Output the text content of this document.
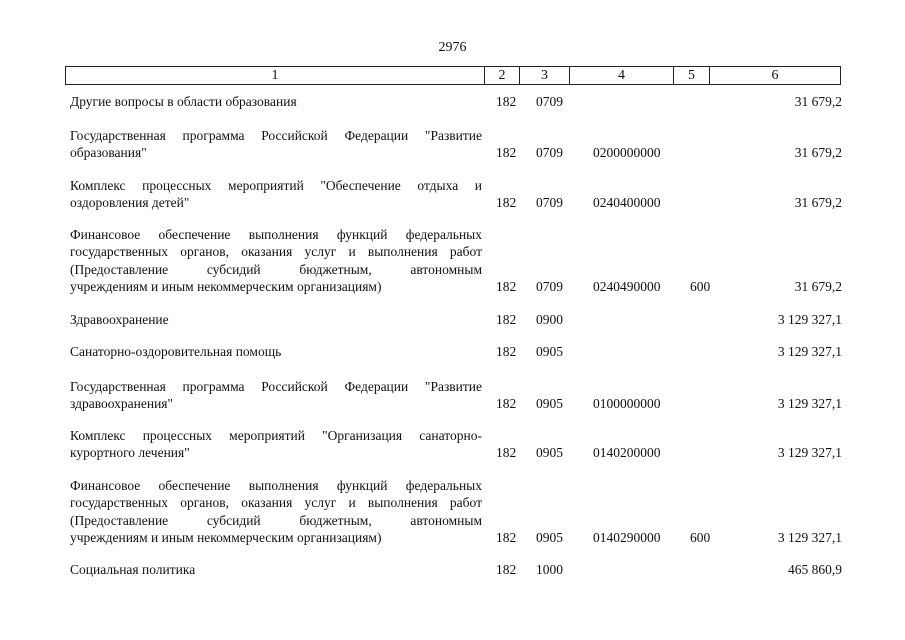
2976
1	2	3	4	5	6
Другие вопросы в области образования	182 0709	31 679,2
Государственная программа Российской Федерации "Развитие
образования"	182 0709 0200000000	31 679,2
Комплекс процессных мероприятий "Обеспечение отдыха и
оздоровления детей"	182 0709 0240400000	31 679,2
Финансовое обеспечение выполнения функций федеральных
государственных органов, оказания услуг и выполнения работ
(Предоставление субсидий бюджетным, автономным
учреждениям и иным некоммерческим организациям)	182 0709 0240490000 600	31 679,2
Здравоохранение	182 0900	3 129 327,1
Санаторно-оздоровительная помощь	182 0905	3 129 327,1
Государственная программа Российской Федерации "Развитие
здравоохранения"	182 0905 0100000000	3 129 327,1
Комплекс процессных мероприятий "Организация санаторно-
курортного лечения"	182 0905 0140200000	3 129 327,1
Финансовое обеспечение выполнения функций федеральных
государственных органов, оказания услуг и выполнения работ
(Предоставление субсидий бюджетным, автономным
учреждениям и иным некоммерческим организациям)	182 0905 0140290000 600	3 129 327,1
Социальная политика	182 1000	465 860,9
